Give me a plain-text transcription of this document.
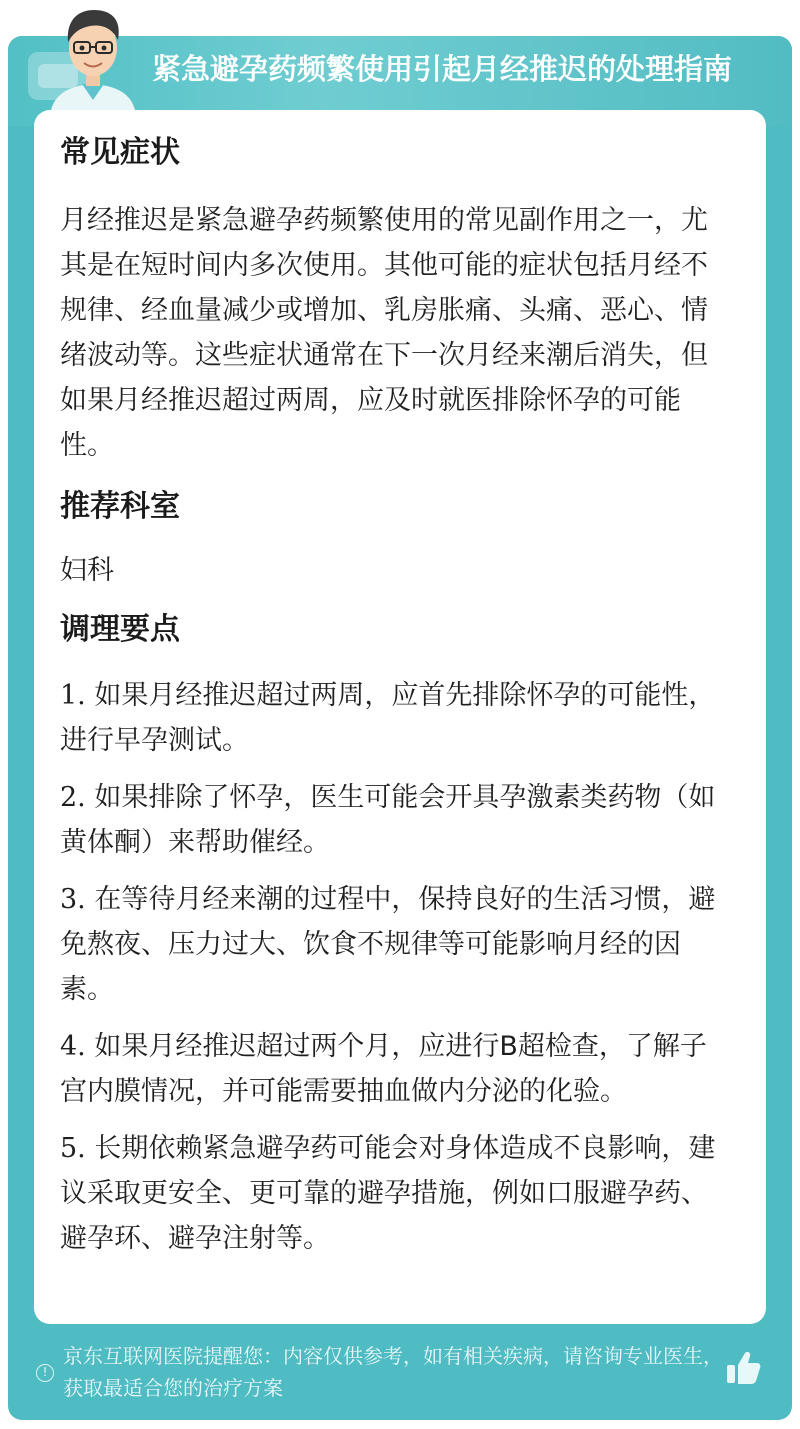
紧急避孕药频繁使用引起月经推迟的处理指南
常见症状

月经推迟是紧急避孕药频繁使用的常见副作用之一，尤其是在短时间内多次使用。其他可能的症状包括月经不规律、经血量减少或增加、乳房胀痛、头痛、恶心、情绪波动等。这些症状通常在下一次月经来潮后消失，但如果月经推迟超过两周，应及时就医排除怀孕的可能性。

推荐科室

妇科

调理要点
1. 如果月经推迟超过两周，应首先排除怀孕的可能性，进行早孕测试。
2. 如果排除了怀孕，医生可能会开具孕激素类药物（如黄体酮）来帮助催经。
3. 在等待月经来潮的过程中，保持良好的生活习惯，避免熬夜、压力过大、饮食不规律等可能影响月经的因素。
4. 如果月经推迟超过两个月，应进行B超检查，了解子宫内膜情况，并可能需要抽血做内分泌的化验。
5. 长期依赖紧急避孕药可能会对身体造成不良影响，建议采取更安全、更可靠的避孕措施，例如口服避孕药、避孕环、避孕注射等。
!
京东互联网医院提醒您：内容仅供参考，如有相关疾病，请咨询专业医生，获取最适合您的治疗方案
